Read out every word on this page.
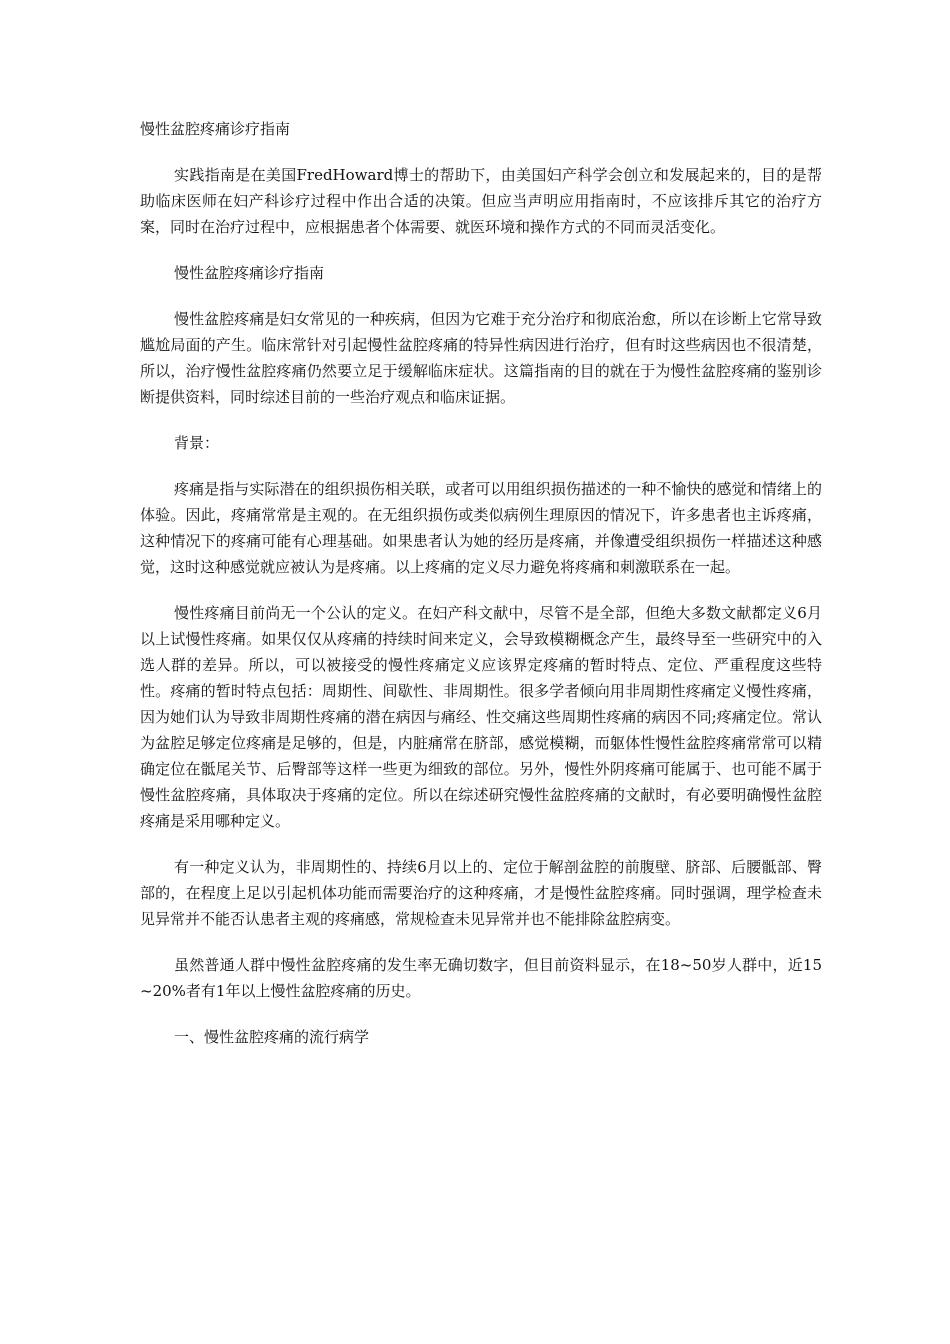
慢性盆腔疼痛诊疗指南

实践指南是在美国FredHoward博士的帮助下，由美国妇产科学会创立和发展起来的，目的是帮助临床医师在妇产科诊疗过程中作出合适的决策。但应当声明应用指南时，不应该排斥其它的治疗方案，同时在治疗过程中，应根据患者个体需要、就医环境和操作方式的不同而灵活变化。

慢性盆腔疼痛诊疗指南

慢性盆腔疼痛是妇女常见的一种疾病，但因为它难于充分治疗和彻底治愈，所以在诊断上它常导致尴尬局面的产生。临床常针对引起慢性盆腔疼痛的特异性病因进行治疗，但有时这些病因也不很清楚，所以，治疗慢性盆腔疼痛仍然要立足于缓解临床症状。这篇指南的目的就在于为慢性盆腔疼痛的鉴别诊断提供资料，同时综述目前的一些治疗观点和临床证据。

背景：

疼痛是指与实际潜在的组织损伤相关联，或者可以用组织损伤描述的一种不愉快的感觉和情绪上的体验。因此，疼痛常常是主观的。在无组织损伤或类似病例生理原因的情况下，许多患者也主诉疼痛，这种情况下的疼痛可能有心理基础。如果患者认为她的经历是疼痛，并像遭受组织损伤一样描述这种感觉，这时这种感觉就应被认为是疼痛。以上疼痛的定义尽力避免将疼痛和刺激联系在一起。

慢性疼痛目前尚无一个公认的定义。在妇产科文献中，尽管不是全部，但绝大多数文献都定义6月以上试慢性疼痛。如果仅仅从疼痛的持续时间来定义，会导致模糊概念产生，最终导至一些研究中的入选人群的差异。所以，可以被接受的慢性疼痛定义应该界定疼痛的暂时特点、定位、严重程度这些特性。疼痛的暂时特点包括：周期性、间歇性、非周期性。很多学者倾向用非周期性疼痛定义慢性疼痛，因为她们认为导致非周期性疼痛的潜在病因与痛经、性交痛这些周期性疼痛的病因不同;疼痛定位。常认为盆腔足够定位疼痛是足够的，但是，内脏痛常在脐部，感觉模糊，而躯体性慢性盆腔疼痛常常可以精确定位在骶尾关节、后臀部等这样一些更为细致的部位。另外，慢性外阴疼痛可能属于、也可能不属于慢性盆腔疼痛，具体取决于疼痛的定位。所以在综述研究慢性盆腔疼痛的文献时，有必要明确慢性盆腔疼痛是采用哪种定义。

有一种定义认为，非周期性的、持续6月以上的、定位于解剖盆腔的前腹壁、脐部、后腰骶部、臀部的，在程度上足以引起机体功能而需要治疗的这种疼痛，才是慢性盆腔疼痛。同时强调，理学检查未见异常并不能否认患者主观的疼痛感，常规检查未见异常并也不能排除盆腔病变。

虽然普通人群中慢性盆腔疼痛的发生率无确切数字，但目前资料显示，在18~50岁人群中，近15~20%者有1年以上慢性盆腔疼痛的历史。

一、慢性盆腔疼痛的流行病学
